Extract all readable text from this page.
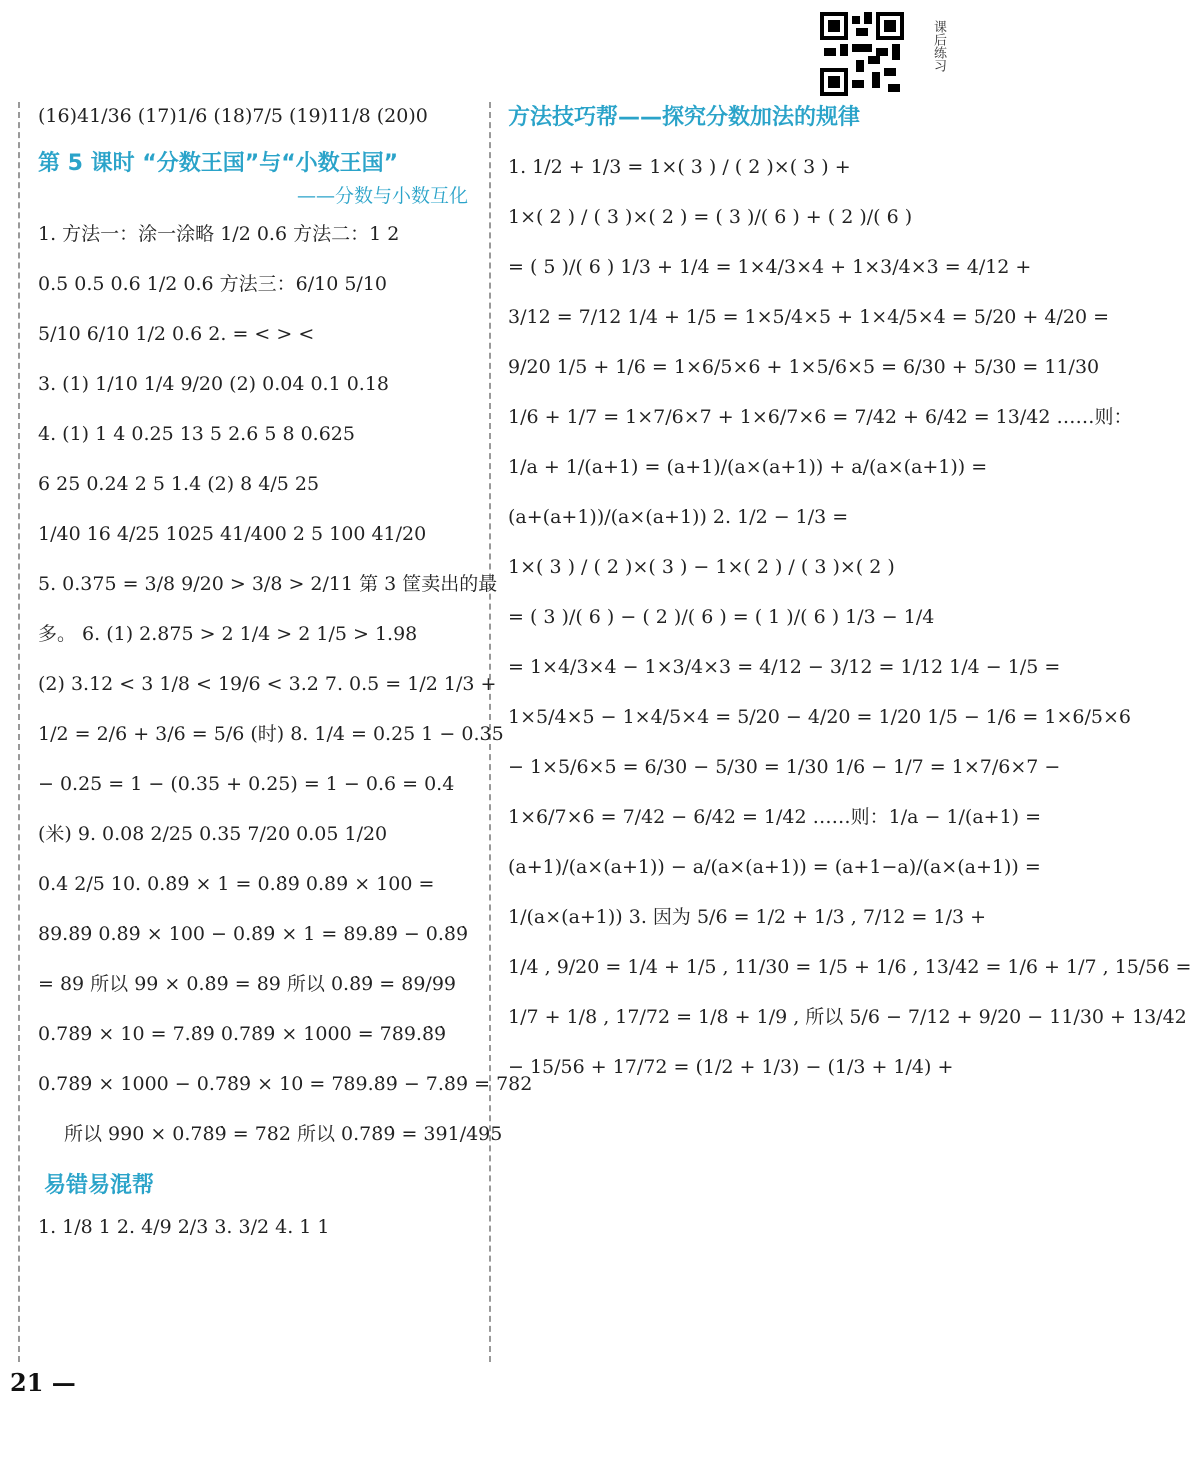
课后练习
(16)41/36 (17)1/6 (18)7/5 (19)11/8 (20)0
第 5 课时 “分数王国”与“小数王国”
——分数与小数互化
1. 方法一：涂一涂略 1/2 0.6 方法二：1 2
0.5 0.5 0.6 1/2 0.6 方法三：6/10 5/10
5/10 6/10 1/2 0.6 2. = < > <
3. (1) 1/10 1/4 9/20 (2) 0.04 0.1 0.18
4. (1) 1 4 0.25 13 5 2.6 5 8 0.625
6 25 0.24 2 5 1.4 (2) 8 4/5 25
1/40 16 4/25 1025 41/400 2 5 100 41/20
5. 0.375 = 3/8 9/20 > 3/8 > 2/11 第 3 筐卖出的最
多。 6. (1) 2.875 > 2 1/4 > 2 1/5 > 1.98
(2) 3.12 < 3 1/8 < 19/6 < 3.2 7. 0.5 = 1/2 1/3 +
1/2 = 2/6 + 3/6 = 5/6 (时) 8. 1/4 = 0.25 1 − 0.35
− 0.25 = 1 − (0.35 + 0.25) = 1 − 0.6 = 0.4
(米) 9. 0.08 2/25 0.35 7/20 0.05 1/20
0.4 2/5 10. 0.8̇9̇ × 1 = 0.8̇9̇ 0.8̇9̇ × 100 =
89.8̇9̇ 0.8̇9̇ × 100 − 0.8̇9̇ × 1 = 89.8̇9̇ − 0.8̇9̇
= 89 所以 99 × 0.8̇9̇ = 89 所以 0.8̇9̇ = 89/99
0.78̇9̇ × 10 = 7.8̇9̇ 0.78̇9̇ × 1000 = 789.8̇9̇
0.78̇9̇ × 1000 − 0.78̇9̇ × 10 = 789.8̇9̇ − 7.8̇9̇ = 782
所以 990 × 0.78̇9̇ = 782 所以 0.78̇9̇ = 391/495
易错易混帮
1. 1/8 1 2. 4/9 2/3 3. 3/2 4. 1 1
方法技巧帮——探究分数加法的规律
1. 1/2 + 1/3 = 1×( 3 ) / ( 2 )×( 3 ) +
1×( 2 ) / ( 3 )×( 2 ) = ( 3 )/( 6 ) + ( 2 )/( 6 )
= ( 5 )/( 6 ) 1/3 + 1/4 = 1×4/3×4 + 1×3/4×3 = 4/12 +
3/12 = 7/12 1/4 + 1/5 = 1×5/4×5 + 1×4/5×4 = 5/20 + 4/20 =
9/20 1/5 + 1/6 = 1×6/5×6 + 1×5/6×5 = 6/30 + 5/30 = 11/30
1/6 + 1/7 = 1×7/6×7 + 1×6/7×6 = 7/42 + 6/42 = 13/42 ……则：
1/a + 1/(a+1) = (a+1)/(a×(a+1)) + a/(a×(a+1)) =
(a+(a+1))/(a×(a+1)) 2. 1/2 − 1/3 =
1×( 3 ) / ( 2 )×( 3 ) − 1×( 2 ) / ( 3 )×( 2 )
= ( 3 )/( 6 ) − ( 2 )/( 6 ) = ( 1 )/( 6 ) 1/3 − 1/4
= 1×4/3×4 − 1×3/4×3 = 4/12 − 3/12 = 1/12 1/4 − 1/5 =
1×5/4×5 − 1×4/5×4 = 5/20 − 4/20 = 1/20 1/5 − 1/6 = 1×6/5×6
− 1×5/6×5 = 6/30 − 5/30 = 1/30 1/6 − 1/7 = 1×7/6×7 −
1×6/7×6 = 7/42 − 6/42 = 1/42 ……则：1/a − 1/(a+1) =
(a+1)/(a×(a+1)) − a/(a×(a+1)) = (a+1−a)/(a×(a+1)) =
1/(a×(a+1)) 3. 因为 5/6 = 1/2 + 1/3 , 7/12 = 1/3 +
1/4 , 9/20 = 1/4 + 1/5 , 11/30 = 1/5 + 1/6 , 13/42 = 1/6 + 1/7 , 15/56 =
1/7 + 1/8 , 17/72 = 1/8 + 1/9 , 所以 5/6 − 7/12 + 9/20 − 11/30 + 13/42
− 15/56 + 17/72 = (1/2 + 1/3) − (1/3 + 1/4) +
21 —
